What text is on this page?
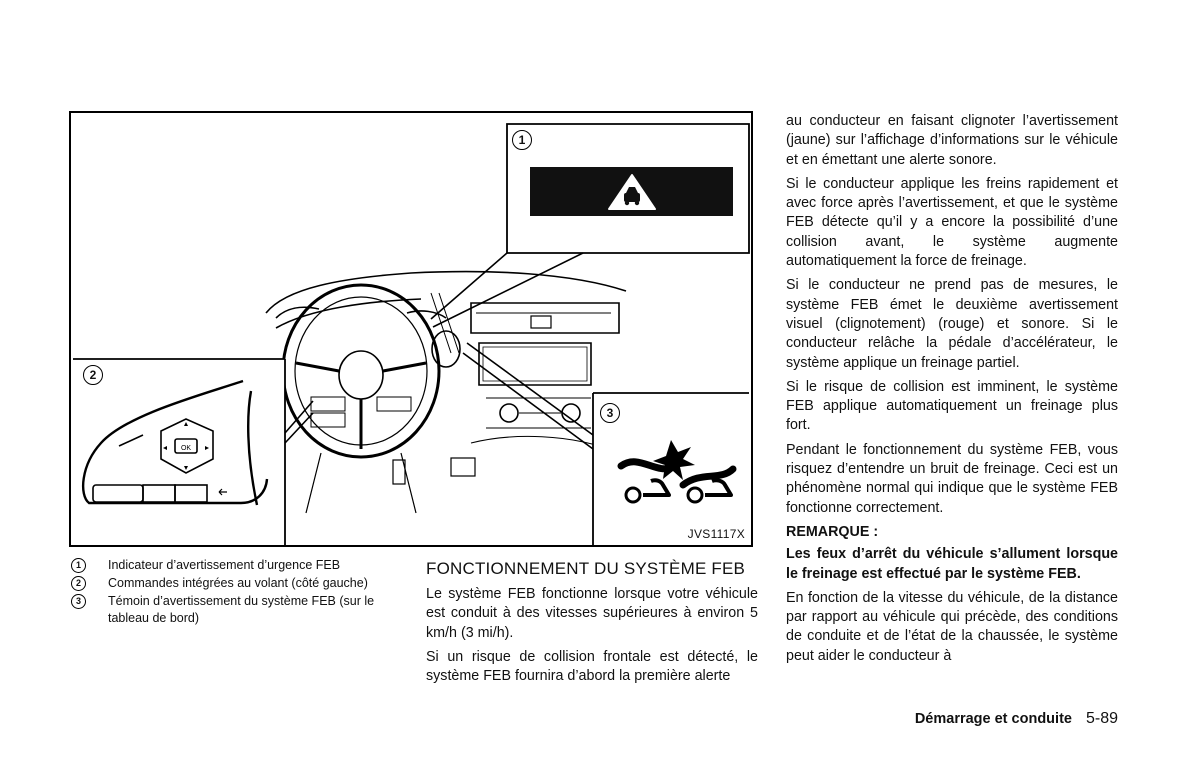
OK
1
2
3
JVS1117X
1	Indicateur d’avertissement d’urgence FEB
2	Commandes intégrées au volant (côté gauche)
3	Témoin d’avertissement du système FEB (sur le tableau de bord)
FONCTIONNEMENT DU SYSTÈME FEB

Le système FEB fonctionne lorsque votre véhicule est conduit à des vitesses supérieures à environ 5 km/h (3 mi/h).

Si un risque de collision frontale est détecté, le système FEB fournira d’abord la première alerte

au conducteur en faisant clignoter l’avertissement (jaune) sur l’affichage d’informations sur le véhicule et en émettant une alerte sonore.

Si le conducteur applique les freins rapidement et avec force après l’avertissement, et que le système FEB détecte qu’il y a encore la possibilité d’une collision avant, le système augmente automatiquement la force de freinage.

Si le conducteur ne prend pas de mesures, le système FEB émet le deuxième avertissement visuel (clignotement) (rouge) et sonore. Si le conducteur relâche la pédale d’accélérateur, le système applique un freinage partiel.

Si le risque de collision est imminent, le système FEB applique automatiquement un freinage plus fort.

Pendant le fonctionnement du système FEB, vous risquez d’entendre un bruit de freinage. Ceci est un phénomène normal qui indique que le système FEB fonctionne correctement.

REMARQUE :

Les feux d’arrêt du véhicule s’allument lorsque le freinage est effectué par le système FEB.

En fonction de la vitesse du véhicule, de la distance par rapport au véhicule qui précède, des conditions de conduite et de l’état de la chaussée, le système peut aider le conducteur à

Démarrage et conduite 5-89
